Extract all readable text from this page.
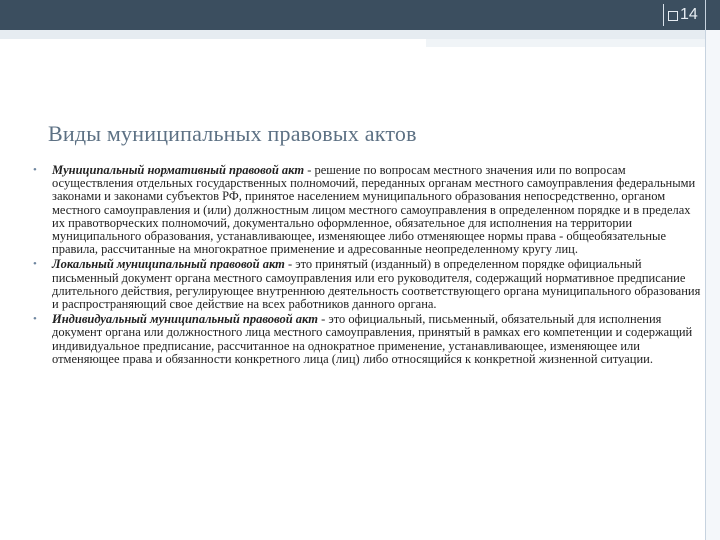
14
Виды муниципальных правовых актов
• Муниципальный нормативный правовой акт - решение по вопросам местного значения или по вопросам осуществления отдельных государственных полномочий, переданных органам местного самоуправления федеральными законами и законами субъектов РФ, принятое населением муниципального образования непосредственно, органом местного самоуправления и (или) должностным лицом местного самоуправления в определенном порядке и в пределах их правотворческих полномочий, документально оформленное, обязательное для исполнения на территории муниципального образования, устанавливающее, изменяющее либо отменяющее нормы права - общеобязательные правила, рассчитанные на многократное применение и адресованные неопределенному кругу лиц.
• Локальный муниципальный правовой акт - это принятый (изданный) в определенном порядке официальный письменный документ органа местного самоуправления или его руководителя, содержащий нормативное предписание длительного действия, регулирующее внутреннюю деятельность соответствующего органа муниципального образования и распространяющий свое действие на всех работников данного органа.
• Индивидуальный муниципальный правовой акт - это официальный, письменный, обязательный для исполнения документ органа или должностного лица местного самоуправления, принятый в рамках его компетенции и содержащий индивидуальное предписание, рассчитанное на однократное применение, устанавливающее, изменяющее или отменяющее права и обязанности конкретного лица (лиц) либо относящийся к конкретной жизненной ситуации.
